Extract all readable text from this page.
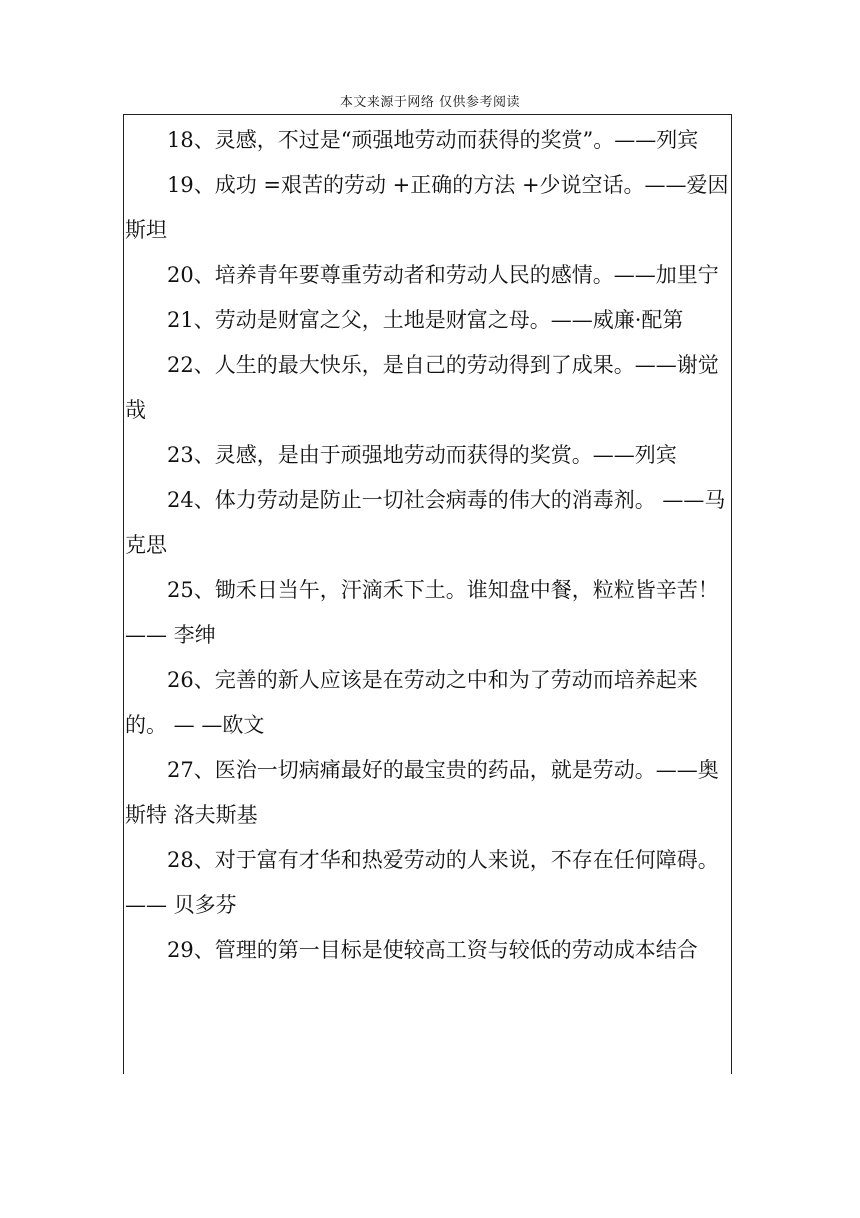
本文来源于网络 仅供参考阅读

18、灵感，不过是“顽强地劳动而获得的奖赏”。——列宾

19、成功 =艰苦的劳动 +正确的方法 +少说空话。——爱因斯坦

20、培养青年要尊重劳动者和劳动人民的感情。——加里宁

21、劳动是财富之父，土地是财富之母。——威廉·配第

22、人生的最大快乐，是自己的劳动得到了成果。——谢觉哉

23、灵感，是由于顽强地劳动而获得的奖赏。——列宾

24、体力劳动是防止一切社会病毒的伟大的消毒剂。 ——马克思

25、锄禾日当午，汗滴禾下土。谁知盘中餐，粒粒皆辛苦！—— 李绅

26、完善的新人应该是在劳动之中和为了劳动而培养起来的。 — —欧文

27、医治一切病痛最好的最宝贵的药品，就是劳动。——奥斯特 洛夫斯基

28、对于富有才华和热爱劳动的人来说，不存在任何障碍。—— 贝多芬

29、管理的第一目标是使较高工资与较低的劳动成本结合
